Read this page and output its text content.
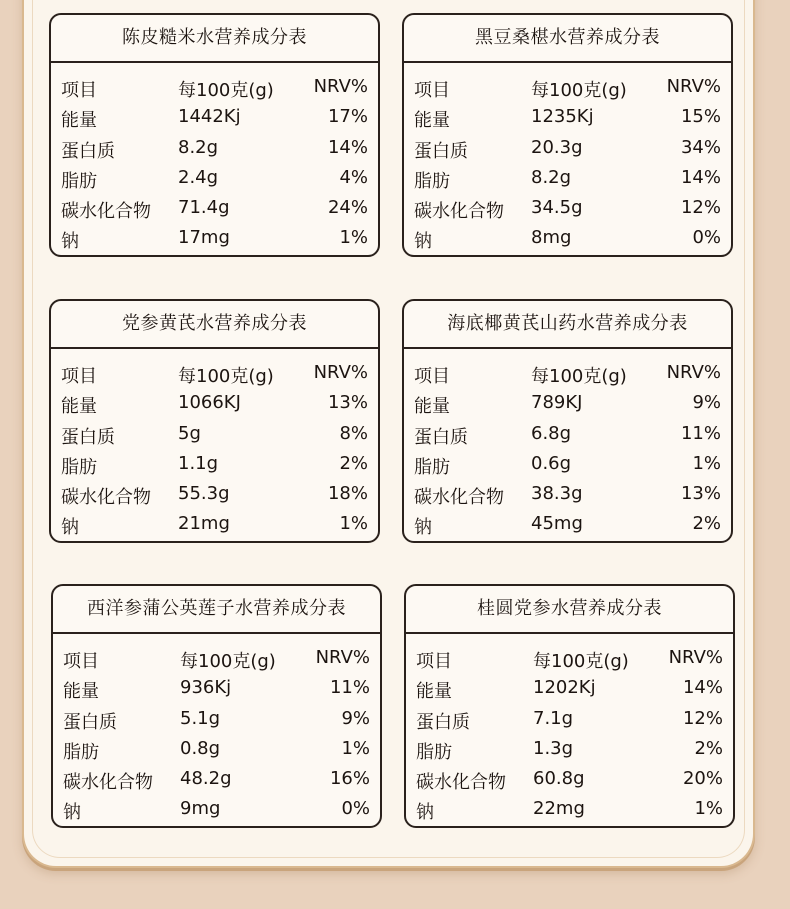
陈皮糙米水营养成分表
项目	每100克(g) NRV%
能量	1442Kj	17%
蛋白质	8.2g	14%
脂肪	2.4g	4%
碳水化合物 71.4g	24%
钠	17mg	1%
黑豆桑椹水营养成分表
项目	每100克(g) NRV%
能量	1235Kj	15%
蛋白质	20.3g	34%
脂肪	8.2g	14%
碳水化合物 34.5g	12%
钠	8mg	0%
党参黄芪水营养成分表
项目	每100克(g) NRV%
能量	1066KJ	13%
蛋白质	5g	8%
脂肪	1.1g	2%
碳水化合物 55.3g	18%
钠	21mg	1%
海底椰黄芪山药水营养成分表
项目	每100克(g) NRV%
能量	789KJ	9%
蛋白质	6.8g	11%
脂肪	0.6g	1%
碳水化合物 38.3g	13%
钠	45mg	2%
西洋参蒲公英莲子水营养成分表
项目	每100克(g) NRV%
能量	936Kj	11%
蛋白质	5.1g	9%
脂肪	0.8g	1%
碳水化合物 48.2g	16%
钠	9mg	0%
桂圆党参水营养成分表
项目	每100克(g) NRV%
能量	1202Kj	14%
蛋白质	7.1g	12%
脂肪	1.3g	2%
碳水化合物 60.8g	20%
钠	22mg	1%
